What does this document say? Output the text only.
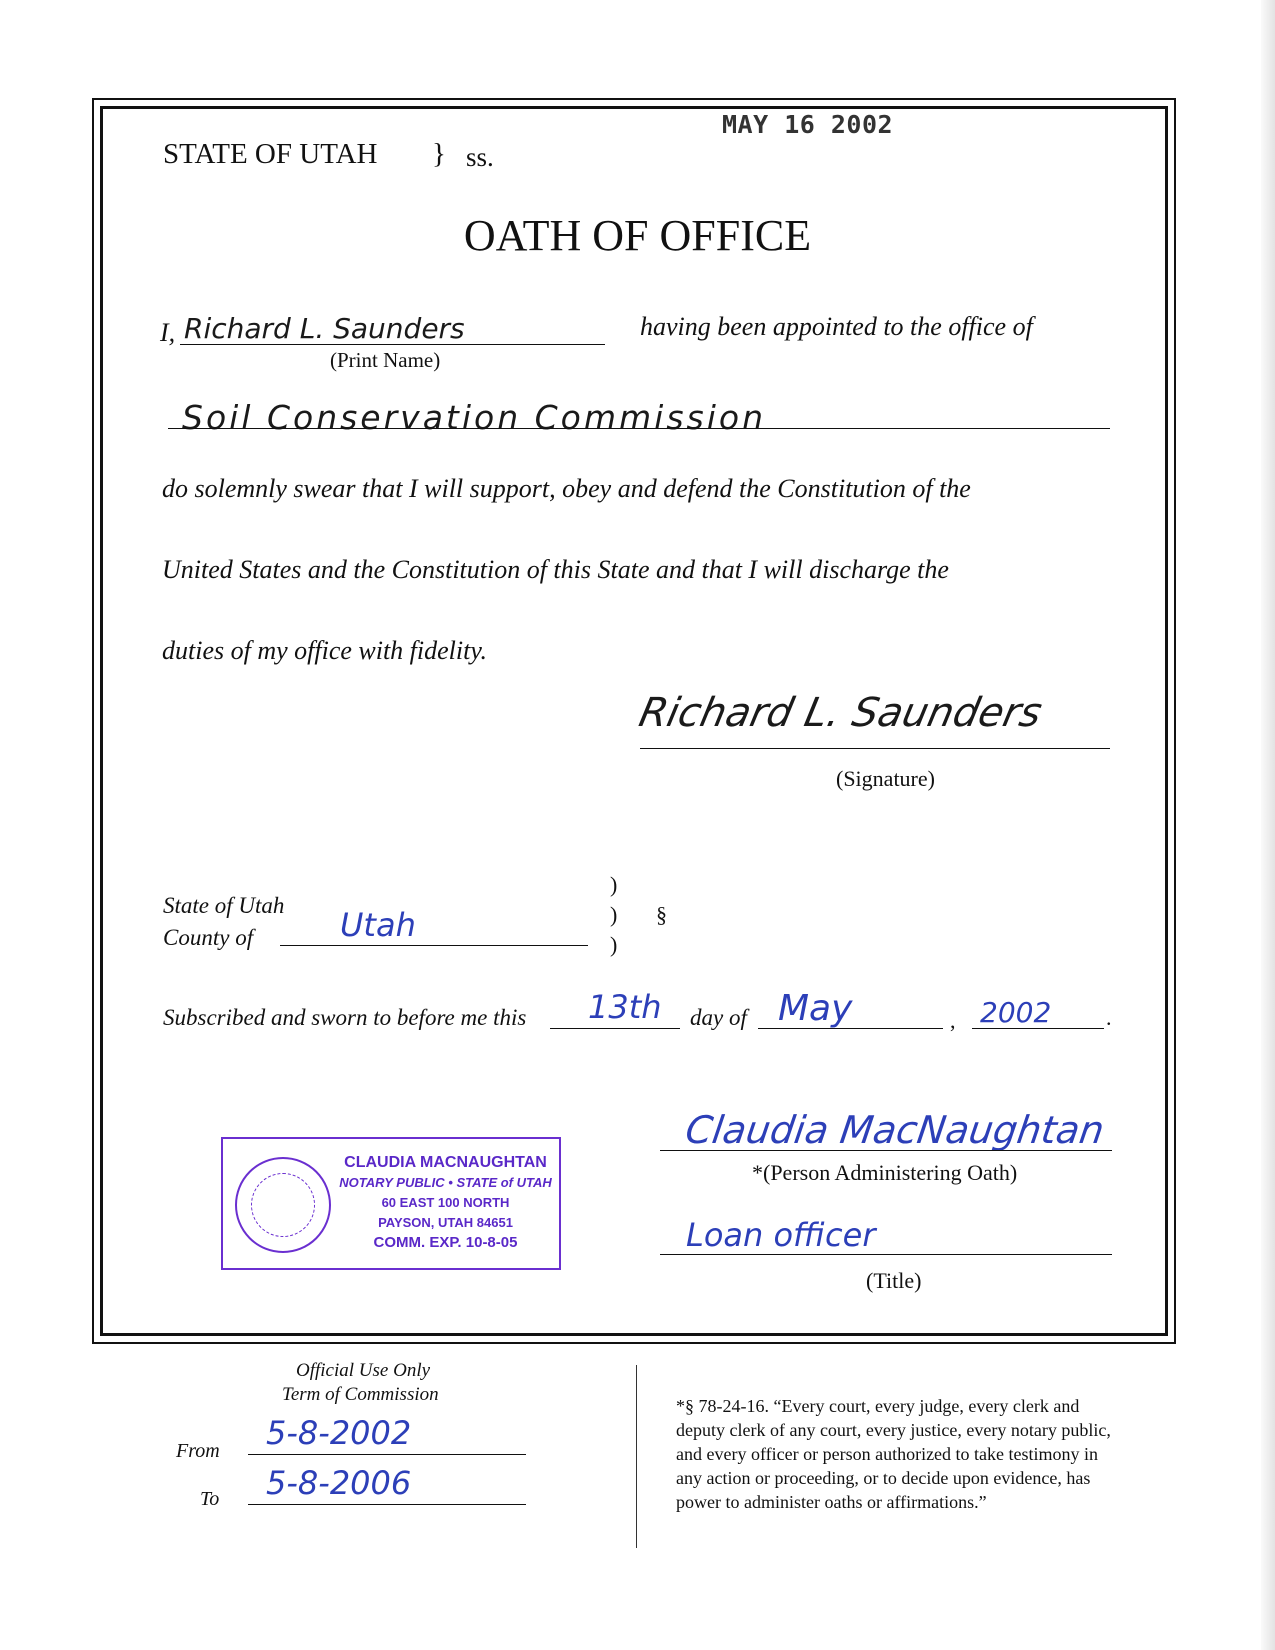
MAY 16 2002
STATE OF UTAH } ss.
OATH OF OFFICE
I, Richard L. Saunders
(Print Name)
having been appointed to the office of
Soil Conservation Commission
do solemnly swear that I will support, obey and defend the Constitution of the
United States and the Constitution of this State and that I will discharge the
duties of my office with fidelity.
Richard L. Saunders
(Signature)
State of Utah
County of	Utah
)
)
)
§
Subscribed and sworn to before me this 13th day of May	, 2002 .
Claudia MacNaughtan
*(Person Administering Oath)
Loan officer
(Title)
CLAUDIA MACNAUGHTAN
NOTARY PUBLIC • STATE of UTAH
60 EAST 100 NORTH
PAYSON, UTAH 84651
COMM. EXP. 10-8-05
Official Use Only
Term of Commission
From 5-8-2002
To 5-8-2006
*§ 78-24-16. “Every court, every judge, every clerk and
deputy clerk of any court, every justice, every notary public,
and every officer or person authorized to take testimony in
any action or proceeding, or to decide upon evidence, has
power to administer oaths or affirmations.”
